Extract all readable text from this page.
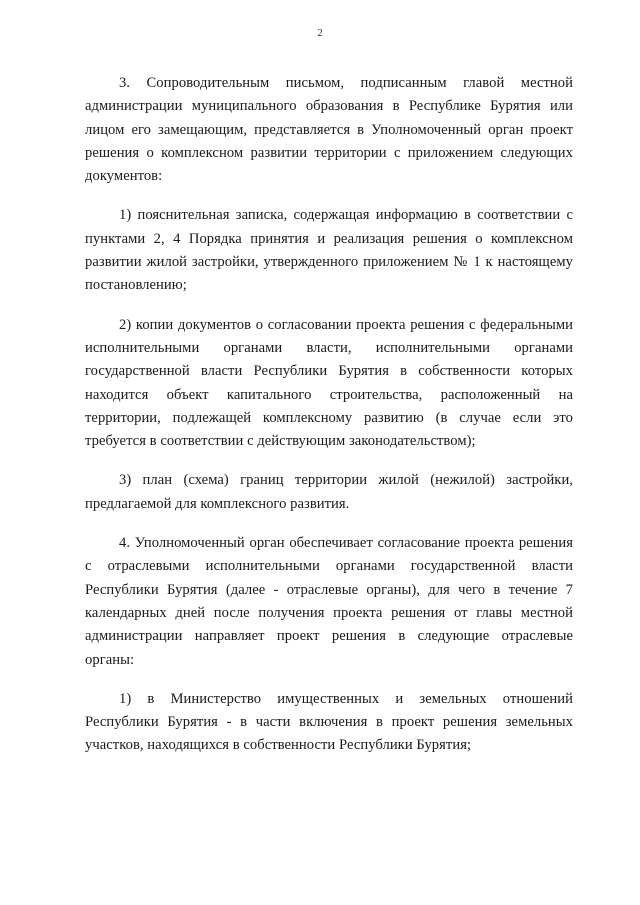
2

3. Сопроводительным письмом, подписанным главой местной администрации муниципального образования в Республике Бурятия или лицом его замещающим, представляется в Уполномоченный орган проект решения о комплексном развитии территории с приложением следующих документов:

1) пояснительная записка, содержащая информацию в соответствии с пунктами 2, 4 Порядка принятия и реализация решения о комплексном развитии жилой застройки, утвержденного приложением № 1 к настоящему постановлению;

2) копии документов о согласовании проекта решения с федеральными исполнительными органами власти, исполнительными органами государственной власти Республики Бурятия в собственности которых находится объект капитального строительства, расположенный на территории, подлежащей комплексному развитию (в случае если это требуется в соответствии с действующим законодательством);

3) план (схема) границ территории жилой (нежилой) застройки, предлагаемой для комплексного развития.

4. Уполномоченный орган обеспечивает согласование проекта решения с отраслевыми исполнительными органами государственной власти Республики Бурятия (далее - отраслевые органы), для чего в течение 7 календарных дней после получения проекта решения от главы местной администрации направляет проект решения в следующие отраслевые органы:

1) в Министерство имущественных и земельных отношений Республики Бурятия - в части включения в проект решения земельных участков, находящихся в собственности Республики Бурятия;
